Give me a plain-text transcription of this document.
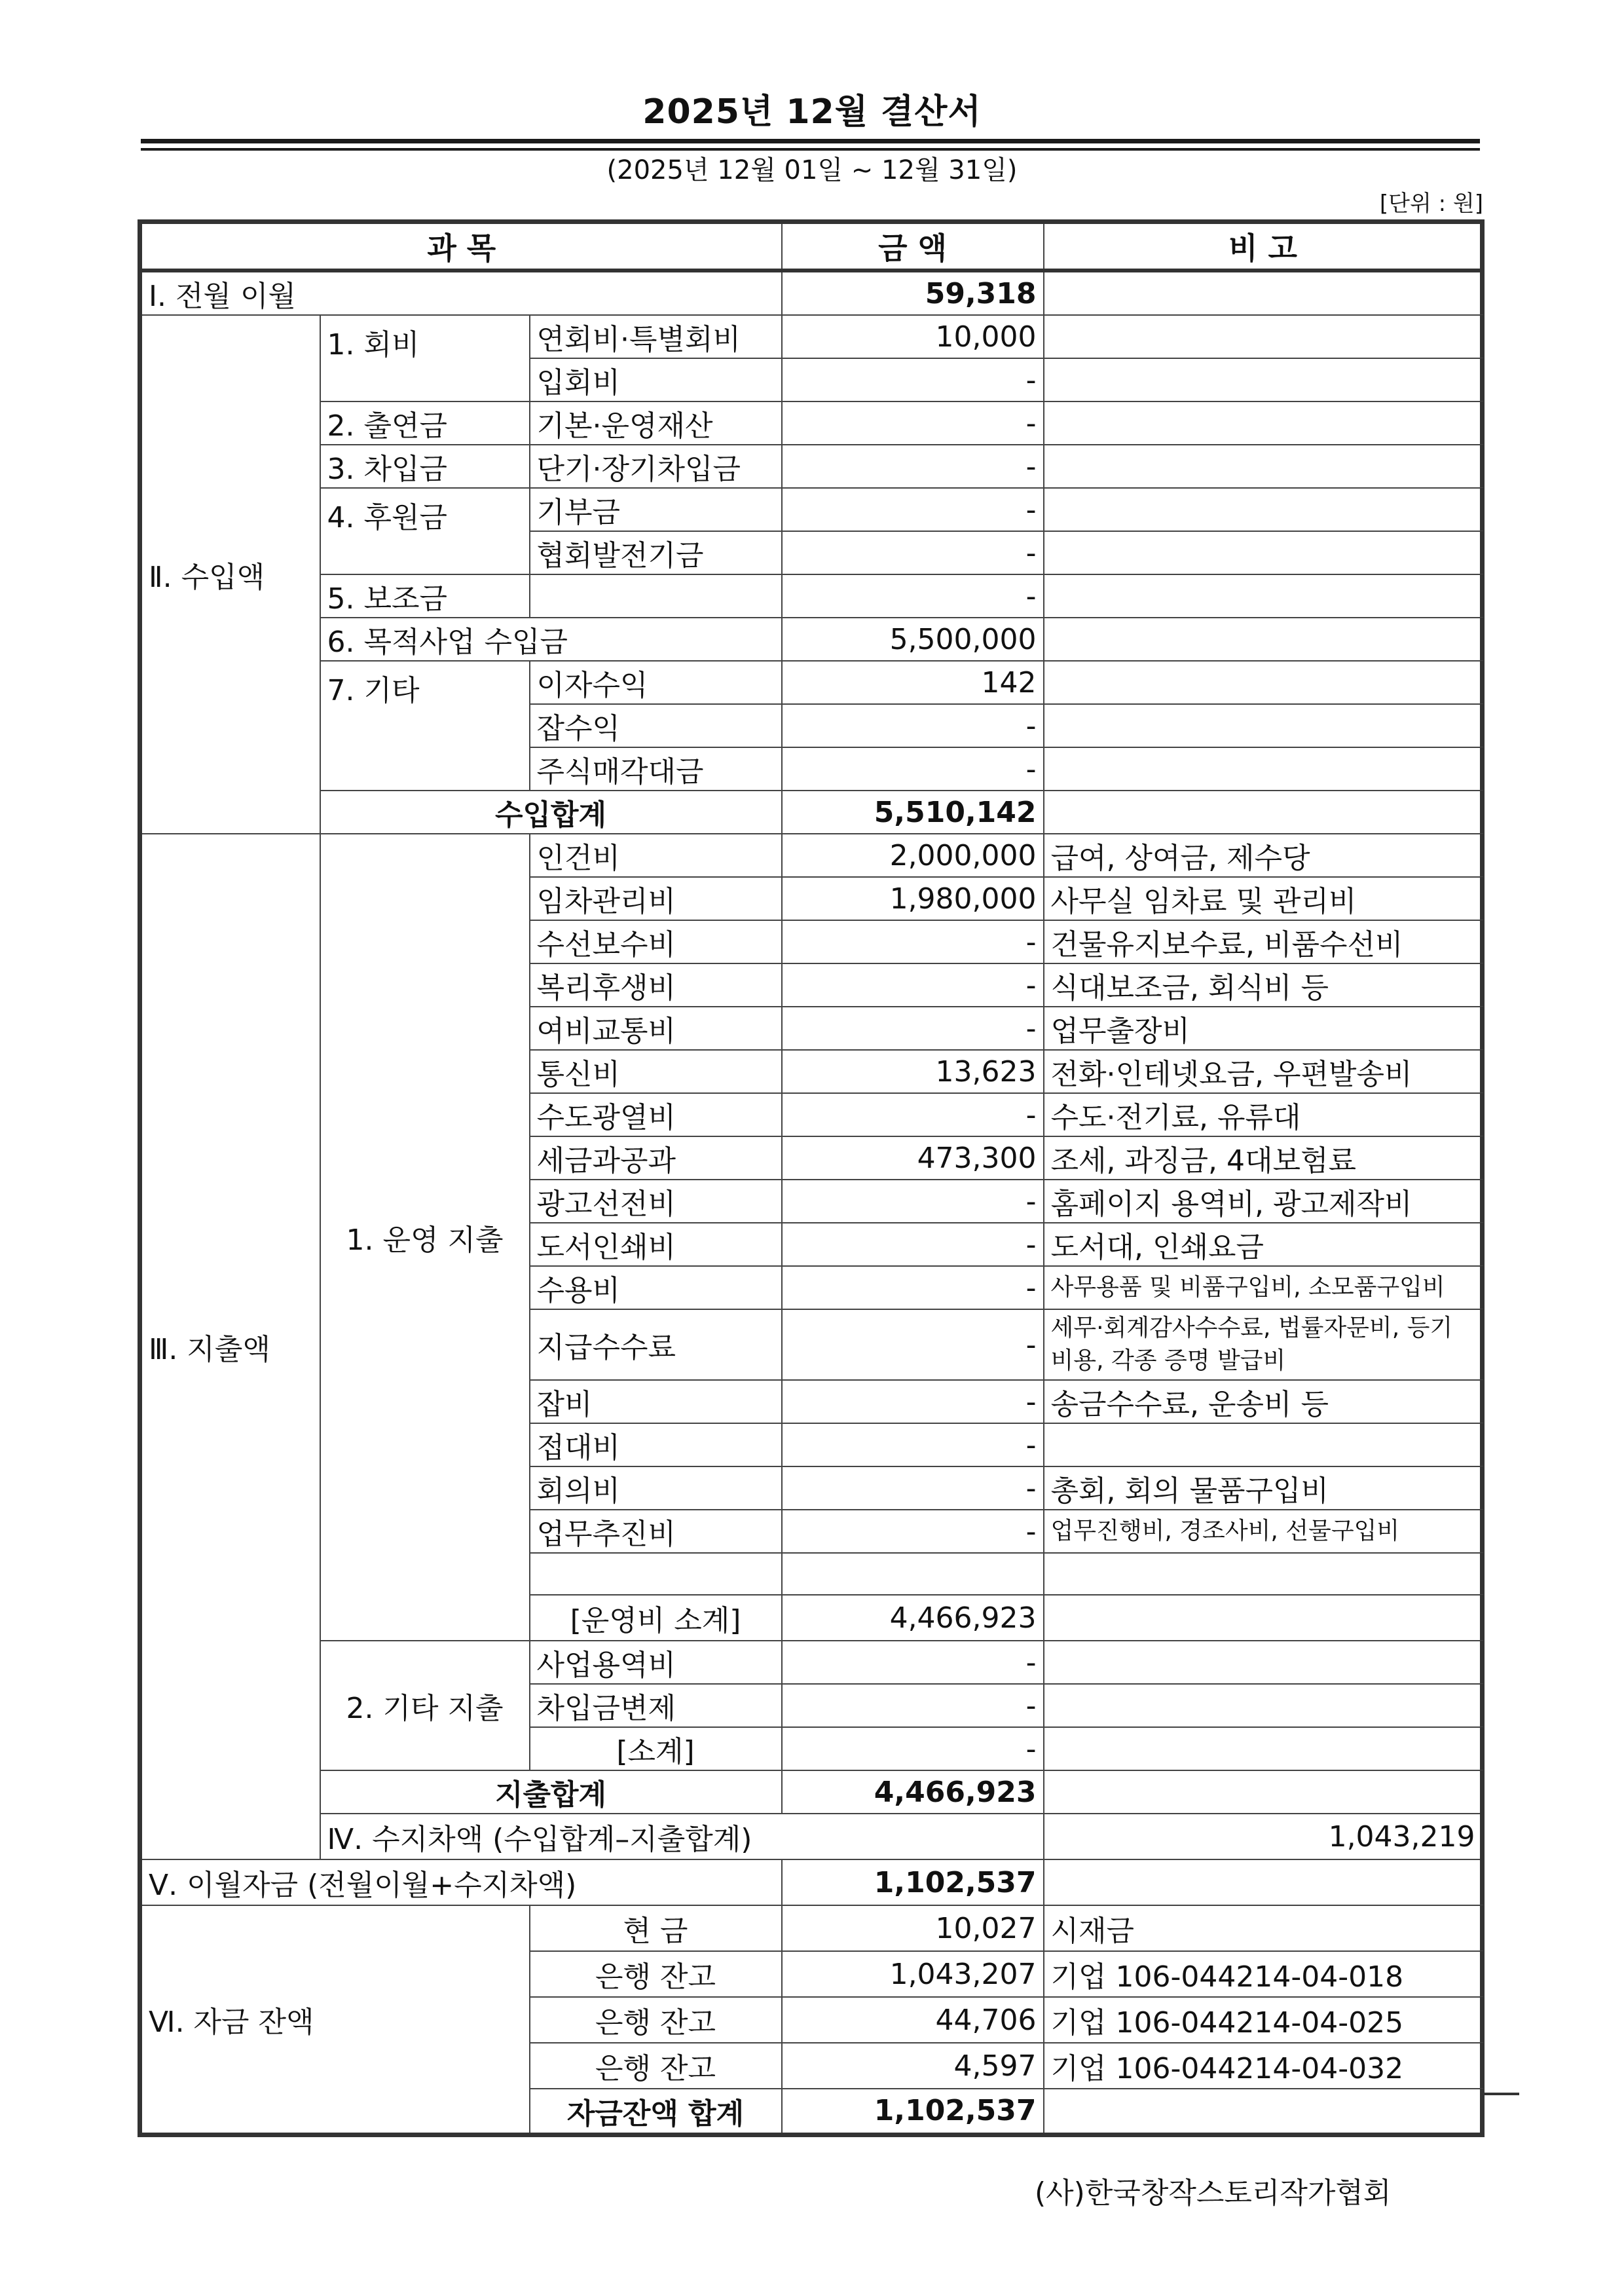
2025년 12월 결산서
(2025년 12월 01일 ~ 12월 31일)
[단위 : 원]
과 목			금 액	비 고	
Ⅰ. 전월 이월			59,318		
Ⅱ. 수입액	1. 회비	연회비·특별회비	10,000		
		입회비	-		
	2. 출연금	기본·운영재산	-		
	3. 차입금	단기·장기차입금	-		
	4. 후원금	기부금	-		
		협회발전기금	-		
	5. 보조금		-		
	6. 목적사업 수입금		5,500,000		
	7. 기타	이자수익	142		
		잡수익	-		
		주식매각대금	-		
	수입합계		5,510,142		
Ⅲ. 지출액	1. 운영 지출	인건비	2,000,000	급여, 상여금, 제수당	
		임차관리비	1,980,000	사무실 임차료 및 관리비	
		수선보수비	-	건물유지보수료, 비품수선비	
		복리후생비	-	식대보조금, 회식비 등	
		여비교통비	-	업무출장비	
		통신비	13,623	전화·인테넷요금, 우편발송비	
		수도광열비	-	수도·전기료, 유류대	
		세금과공과	473,300	조세, 과징금, 4대보험료	
		광고선전비	-	홈페이지 용역비, 광고제작비	
		도서인쇄비	-	도서대, 인쇄요금	
		수용비	-	사무용품 및 비품구입비, 소모품구입비	
		지급수수료	-	세무·회계감사수수료, 법률자문비, 등기비용, 각종 증명 발급비	
		잡비	-	송금수수료, 운송비 등	
		접대비	-		
		회의비	-	총회, 회의 물품구입비	
		업무추진비	-	업무진행비, 경조사비, 선물구입비	

		[운영비 소계]	4,466,923		
	2. 기타 지출	사업용역비	-		
		차입금변제	-		
		[소계]	-		
	지출합계		4,466,923		
	Ⅳ. 수지차액 (수입합계–지출합계)			1,043,219	
Ⅴ. 이월자금 (전월이월+수지차액)			1,102,537		
Ⅵ. 자금 잔액		현 금	10,027	시재금	
		은행 잔고	1,043,207	기업 106-044214-04-018	
		은행 잔고	44,706	기업 106-044214-04-025	
		은행 잔고	4,597	기업 106-044214-04-032	
		자금잔액 합계	1,102,537		
(사)한국창작스토리작가협회
